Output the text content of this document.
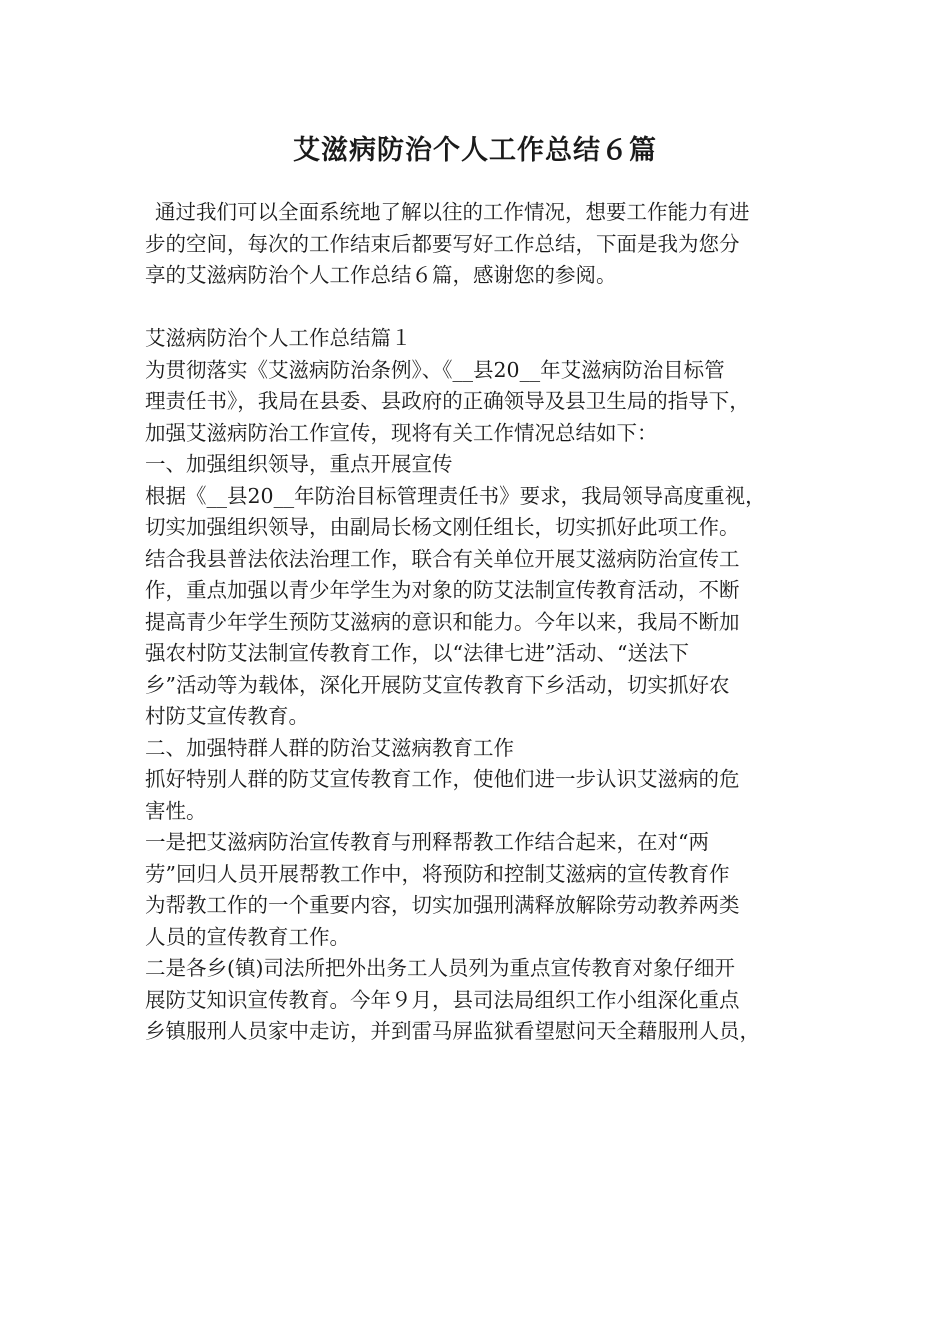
艾滋病防治个人工作总结６篇
通过我们可以全面系统地了解以往的工作情况，想要工作能力有进
步的空间，每次的工作结束后都要写好工作总结，下面是我为您分
享的艾滋病防治个人工作总结６篇，感谢您的参阅。
艾滋病防治个人工作总结篇１
为贯彻落实《艾滋病防治条例》、《__县20__年艾滋病防治目标管
理责任书》，我局在县委、县政府的正确领导及县卫生局的指导下，
加强艾滋病防治工作宣传，现将有关工作情况总结如下：
一、加强组织领导，重点开展宣传
根据《__县20__年防治目标管理责任书》要求，我局领导高度重视，
切实加强组织领导，由副局长杨文刚任组长，切实抓好此项工作。
结合我县普法依法治理工作，联合有关单位开展艾滋病防治宣传工
作，重点加强以青少年学生为对象的防艾法制宣传教育活动，不断
提高青少年学生预防艾滋病的意识和能力。今年以来，我局不断加
强农村防艾法制宣传教育工作，以“法律七进”活动、“送法下
乡”活动等为载体，深化开展防艾宣传教育下乡活动，切实抓好农
村防艾宣传教育。
二、加强特群人群的防治艾滋病教育工作
抓好特别人群的防艾宣传教育工作，使他们进一步认识艾滋病的危
害性。
一是把艾滋病防治宣传教育与刑释帮教工作结合起来，在对“两
劳”回归人员开展帮教工作中，将预防和控制艾滋病的宣传教育作
为帮教工作的一个重要内容，切实加强刑满释放解除劳动教养两类
人员的宣传教育工作。
二是各乡(镇)司法所把外出务工人员列为重点宣传教育对象仔细开
展防艾知识宣传教育。今年９月，县司法局组织工作小组深化重点
乡镇服刑人员家中走访，并到雷马屏监狱看望慰问天全藉服刑人员，
